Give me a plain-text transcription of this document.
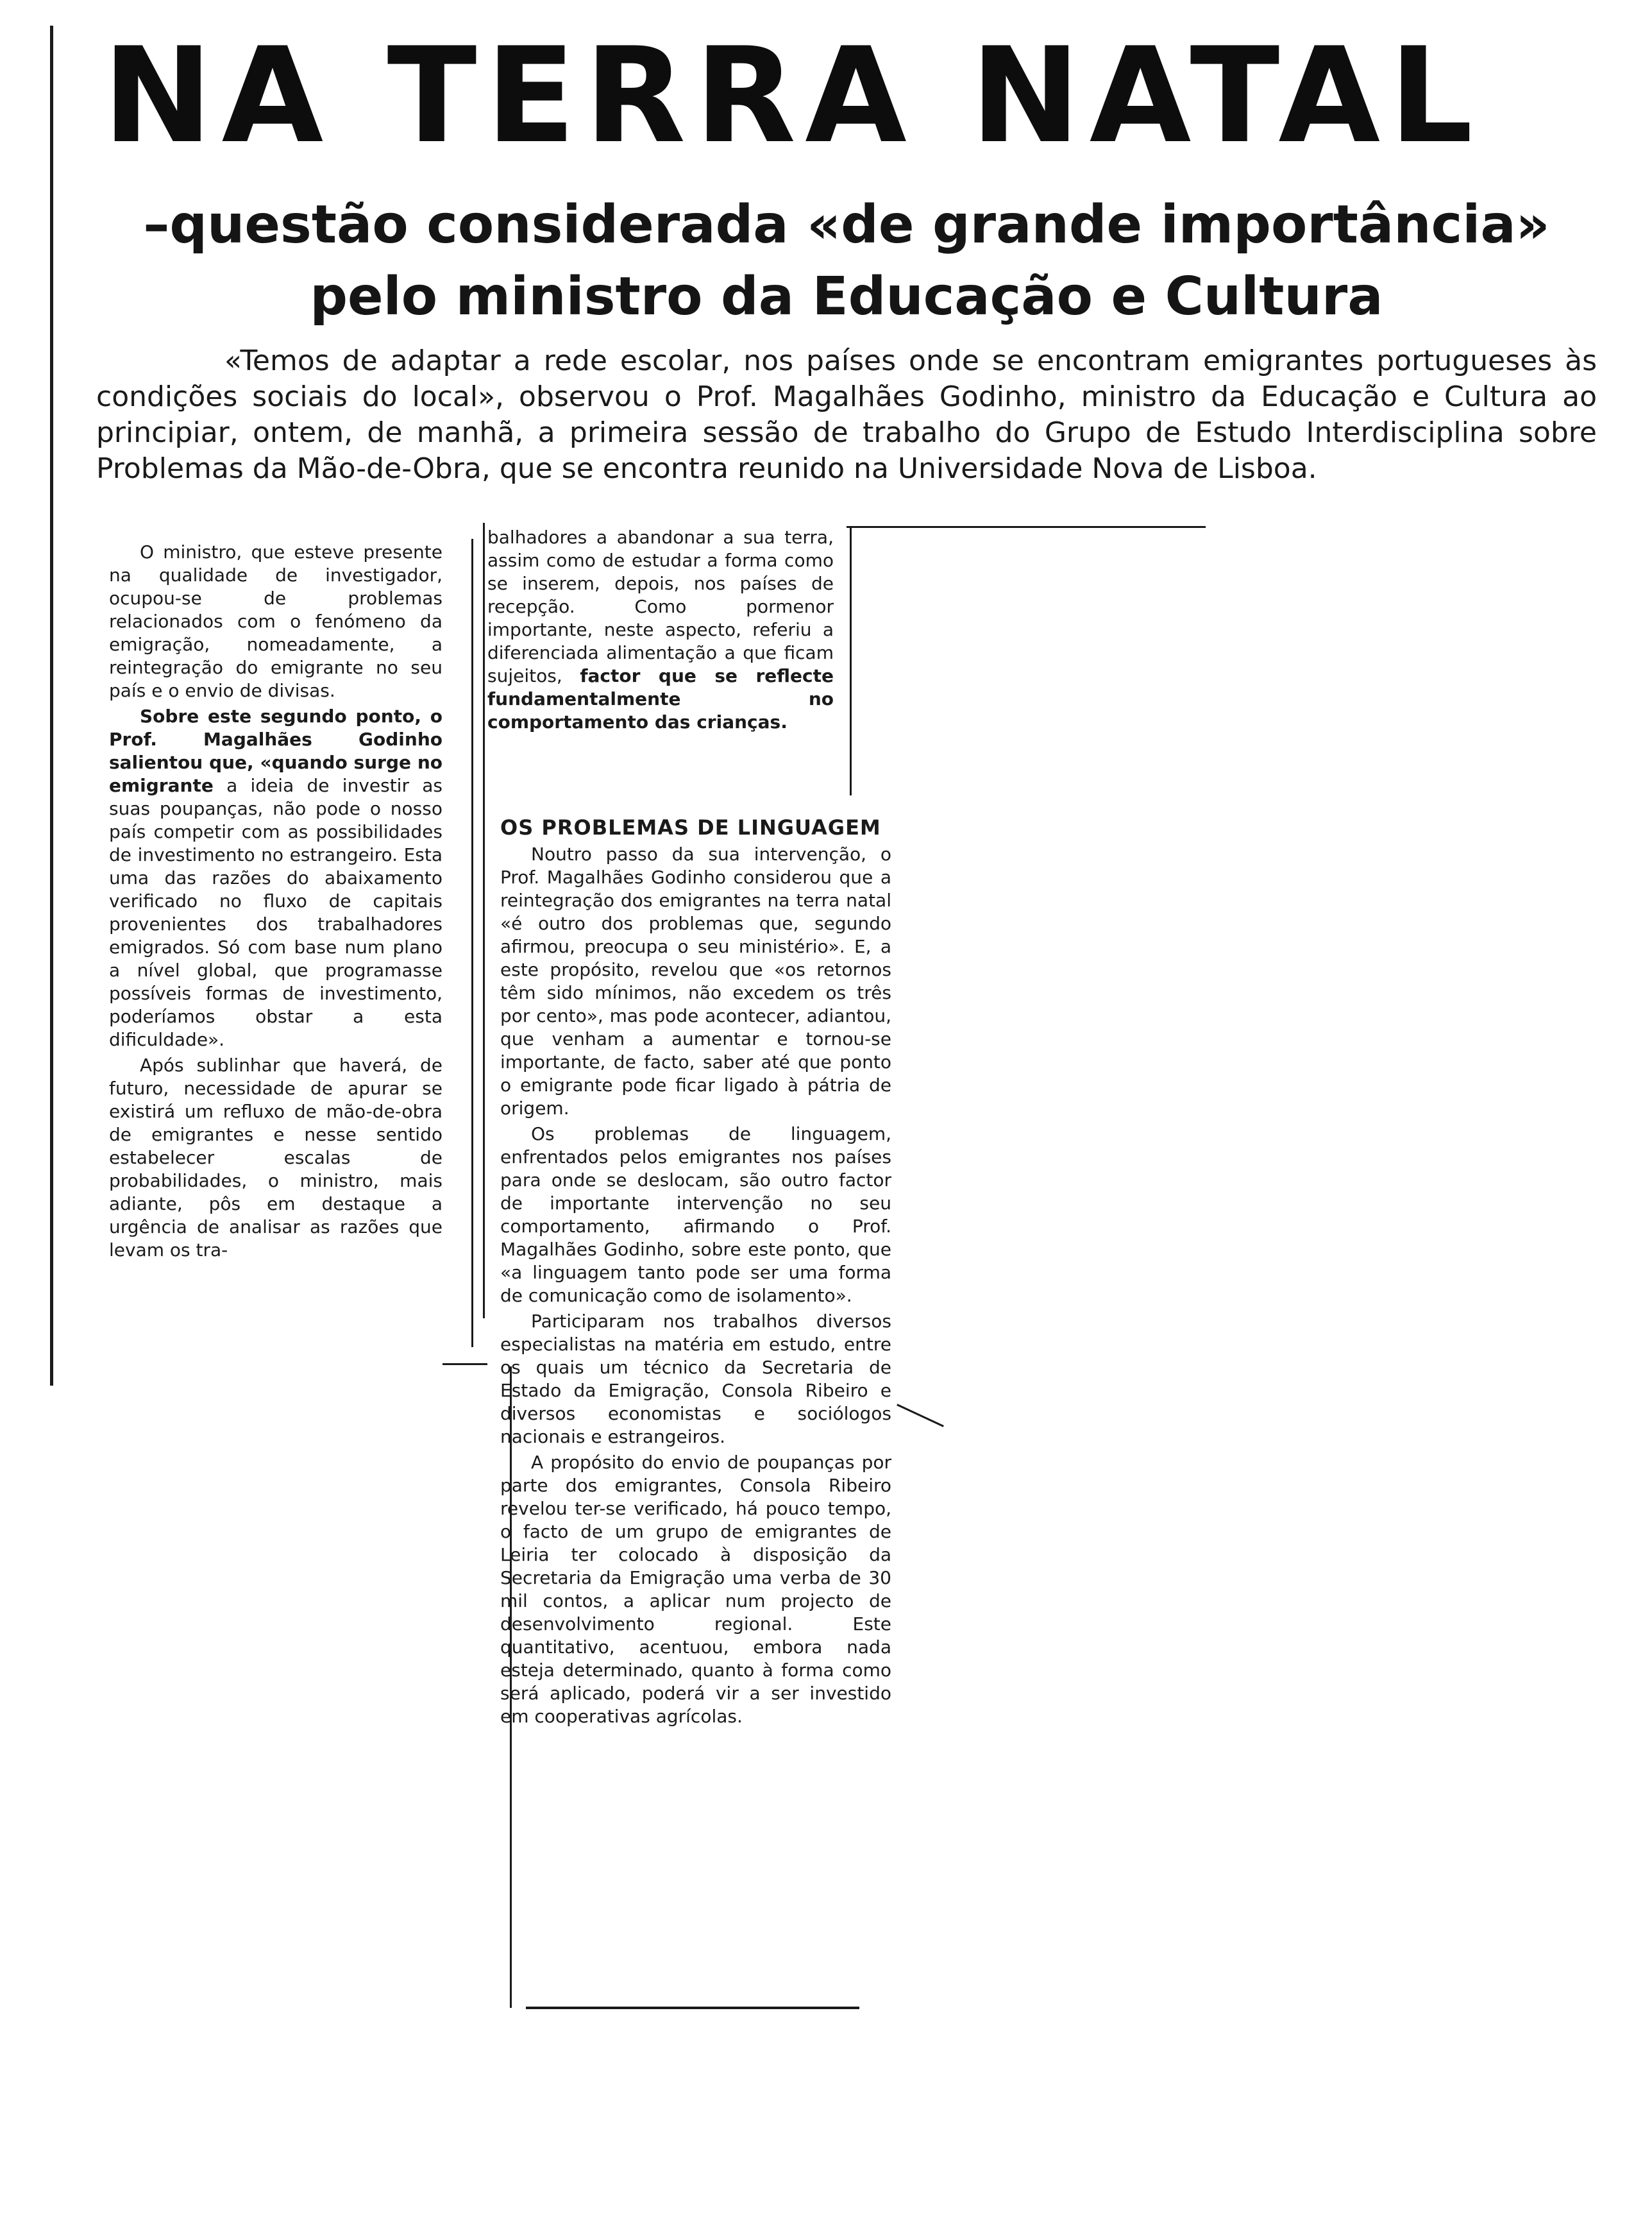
NA TERRA NATAL
–questão considerada «de grande importância» pelo ministro da Educação e Cultura

«Temos de adaptar a rede escolar, nos países onde se encontram emigrantes portugueses às condições sociais do local», observou o Prof. Magalhães Godinho, ministro da Educação e Cultura ao principiar, ontem, de manhã, a primeira sessão de trabalho do Grupo de Estudo Interdisciplina sobre Problemas da Mão-de-Obra, que se encontra reunido na Universidade Nova de Lisboa.

O ministro, que esteve presente na qualidade de investigador, ocupou-se de problemas relacionados com o fenómeno da emigração, nomeadamente, a reintegração do emigrante no seu país e o envio de divisas.

Sobre este segundo ponto, o Prof. Magalhães Godinho salientou que, «quando surge no emigrante a ideia de investir as suas poupanças, não pode o nosso país competir com as possibilidades de investimento no estrangeiro. Esta uma das razões do abaixamento verificado no fluxo de capitais provenientes dos trabalhadores emigrados. Só com base num plano a nível global, que programasse possíveis formas de investimento, poderíamos obstar a esta dificuldade».

Após sublinhar que haverá, de futuro, necessidade de apurar se existirá um refluxo de mão-de-obra de emigrantes e nesse sentido estabelecer escalas de probabilidades, o ministro, mais adiante, pôs em destaque a urgência de analisar as razões que levam os tra-

balhadores a abandonar a sua terra, assim como de estudar a forma como se inserem, depois, nos países de recepção. Como pormenor importante, neste aspecto, referiu a diferenciada alimentação a que ficam sujeitos, factor que se reflecte fundamentalmente no comportamento das crianças.

OS PROBLEMAS DE LINGUAGEM

Noutro passo da sua intervenção, o Prof. Magalhães Godinho considerou que a reintegração dos emigrantes na terra natal «é outro dos problemas que, segundo afirmou, preocupa o seu ministério». E, a este propósito, revelou que «os retornos têm sido mínimos, não excedem os três por cento», mas pode acontecer, adiantou, que venham a aumentar e tornou-se importante, de facto, saber até que ponto o emigrante pode ficar ligado à pátria de origem.

Os problemas de linguagem, enfrentados pelos emigrantes nos países para onde se deslocam, são outro factor de importante intervenção no seu comportamento, afirmando o Prof. Magalhães Godinho, sobre este ponto, que «a linguagem tanto pode ser uma forma de comunicação como de isolamento».

Participaram nos trabalhos diversos especialistas na matéria em estudo, entre os quais um técnico da Secretaria de Estado da Emigração, Consola Ribeiro e diversos economistas e sociólogos nacionais e estrangeiros.

A propósito do envio de poupanças por parte dos emigrantes, Consola Ribeiro revelou ter-se verificado, há pouco tempo, o facto de um grupo de emigrantes de Leiria ter colocado à disposição da Secretaria da Emigração uma verba de 30 mil contos, a aplicar num projecto de desenvolvimento regional. Este quantitativo, acentuou, embora nada esteja determinado, quanto à forma como será aplicado, poderá vir a ser investido em cooperativas agrícolas.
